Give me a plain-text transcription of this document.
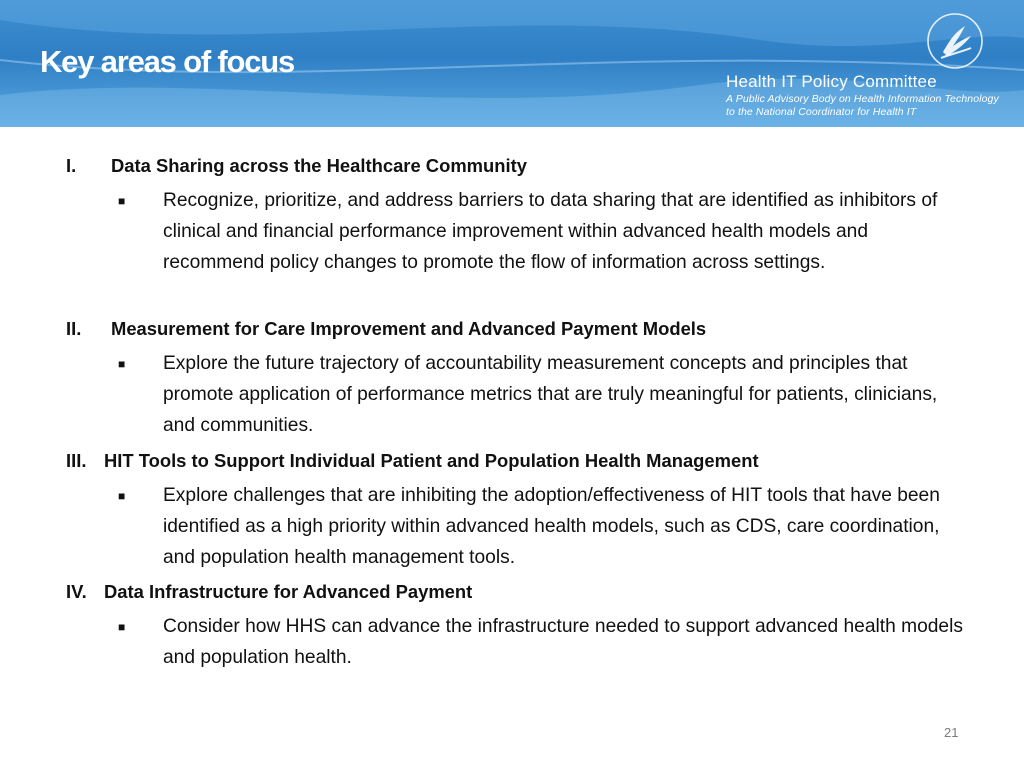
Key areas of focus
Health IT Policy Committee
A Public Advisory Body on Health Information Technology
to the National Coordinator for Health IT
I. Data Sharing across the Healthcare Community
■ Recognize, prioritize, and address barriers to data sharing that are identified as inhibitors of clinical and financial performance improvement within advanced health models and recommend policy changes to promote the flow of information across settings.
II. Measurement for Care Improvement and Advanced Payment Models
■ Explore the future trajectory of accountability measurement concepts and principles that promote application of performance metrics that are truly meaningful for patients, clinicians, and communities.
III. HIT Tools to Support Individual Patient and Population Health Management
■ Explore challenges that are inhibiting the adoption/effectiveness of HIT tools that have been identified as a high priority within advanced health models, such as CDS, care coordination, and population health management tools.
IV. Data Infrastructure for Advanced Payment
■ Consider how HHS can advance the infrastructure needed to support advanced health models and population health.
21
